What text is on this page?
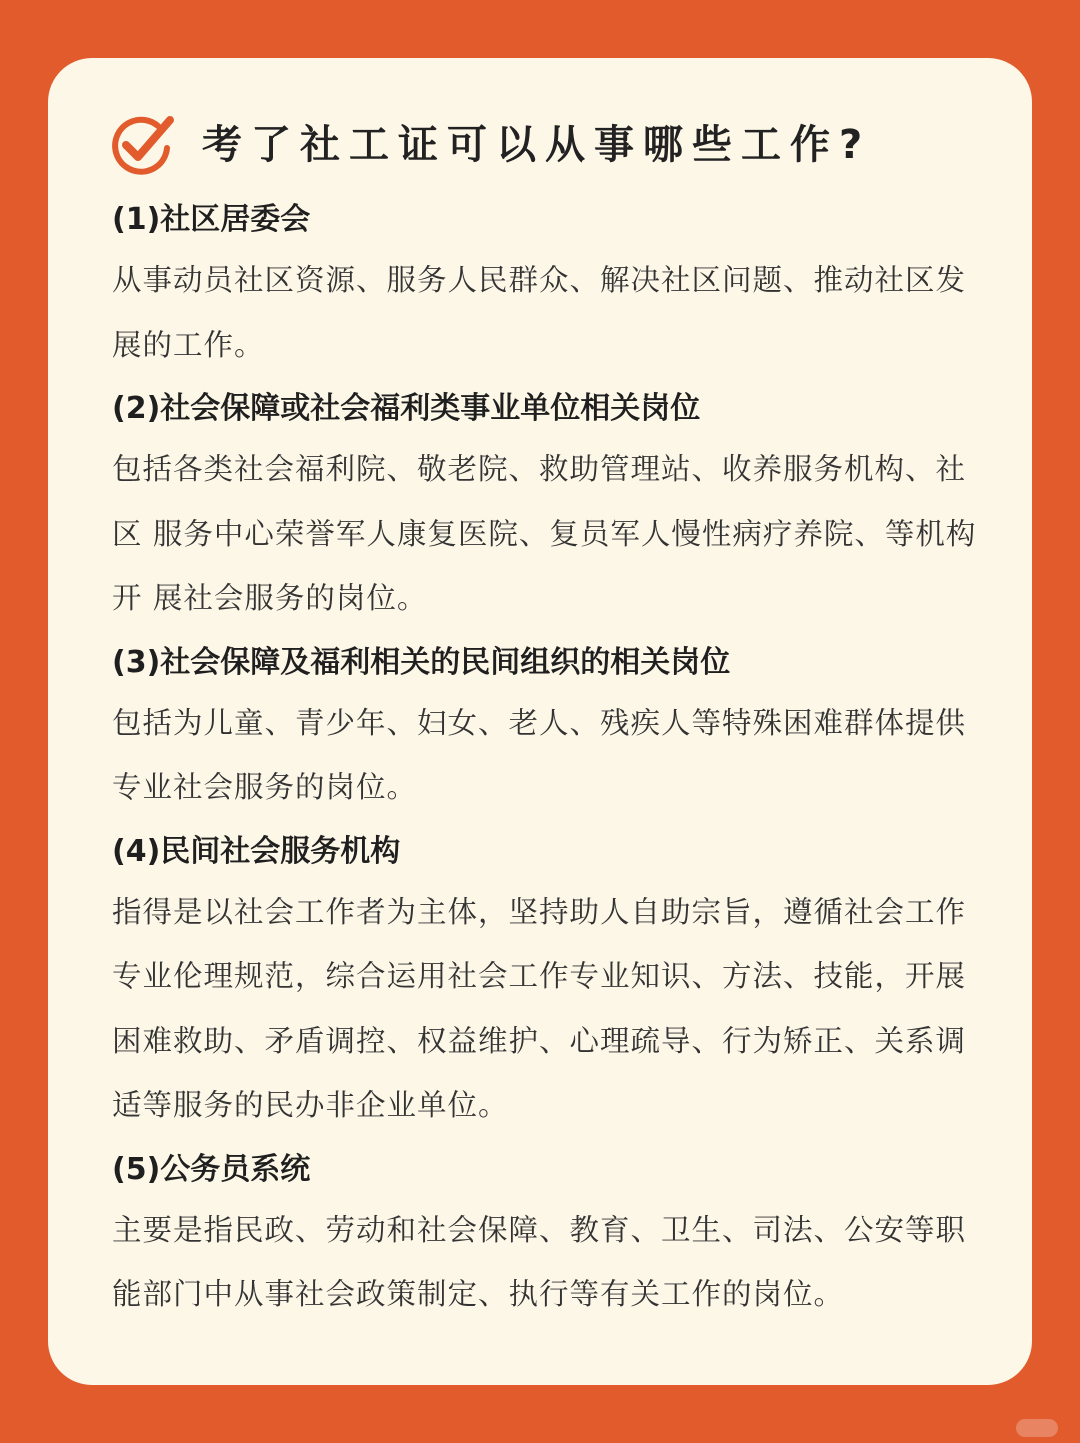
考了社工证可以从事哪些工作?

(1)社区居委会

从事动员社区资源、服务人民群众、解决社区问题、推动社区发展的工作。

(2)社会保障或社会福利类事业单位相关岗位

包括各类社会福利院、敬老院、救助管理站、收养服务机构、社区 服务中心荣誉军人康复医院、复员军人慢性病疗养院、等机构开 展社会服务的岗位。

(3)社会保障及福利相关的民间组织的相关岗位

包括为儿童、青少年、妇女、老人、残疾人等特殊困难群体提供专业社会服务的岗位。

(4)民间社会服务机构

指得是以社会工作者为主体，坚持助人自助宗旨，遵循社会工作专业伦理规范，综合运用社会工作专业知识、方法、技能，开展困难救助、矛盾调控、权益维护、心理疏导、行为矫正、关系调适等服务的民办非企业单位。

(5)公务员系统

主要是指民政、劳动和社会保障、教育、卫生、司法、公安等职能部门中从事社会政策制定、执行等有关工作的岗位。
